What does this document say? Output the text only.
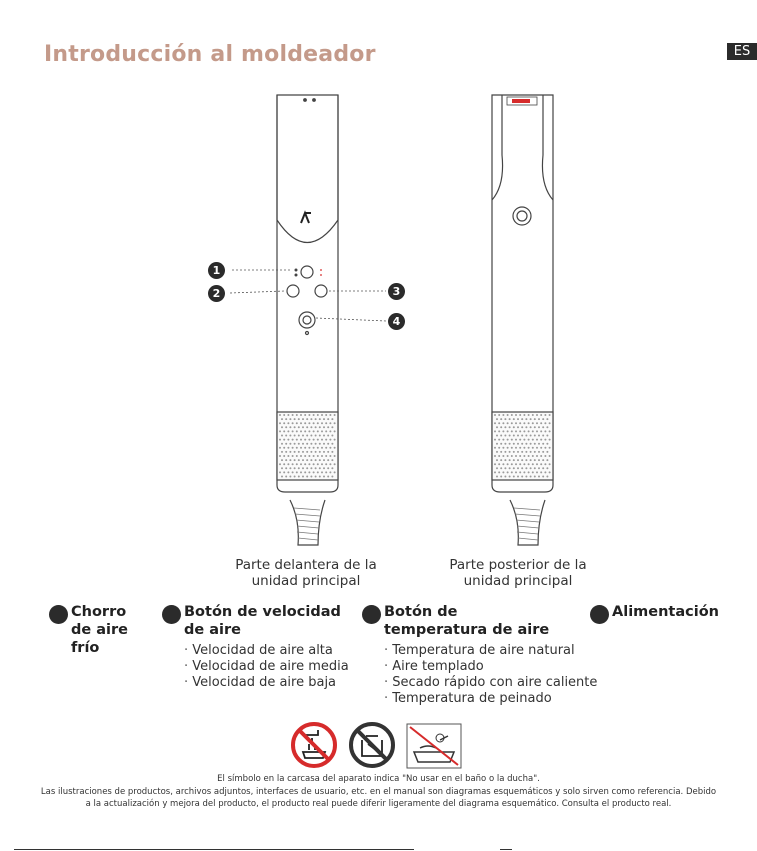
Introducción al moldeador	ES
1
2	3
4
Parte delantera de la unidad principal
Parte posterior de la unidad principal
Chorro de aire frío
Botón de velocidad de aire
· Velocidad de aire alta
· Velocidad de aire media
· Velocidad de aire baja
Botón de temperatura de aire
· Temperatura de aire natural
· Aire templado
· Secado rápido con aire caliente
· Temperatura de peinado
Alimentación
El símbolo en la carcasa del aparato indica "No usar en el baño o la ducha".
Las ilustraciones de productos, archivos adjuntos, interfaces de usuario, etc. en el manual son diagramas esquemáticos y solo sirven como referencia. Debido
a la actualización y mejora del producto, el producto real puede diferir ligeramente del diagrama esquemático. Consulta el producto real.
